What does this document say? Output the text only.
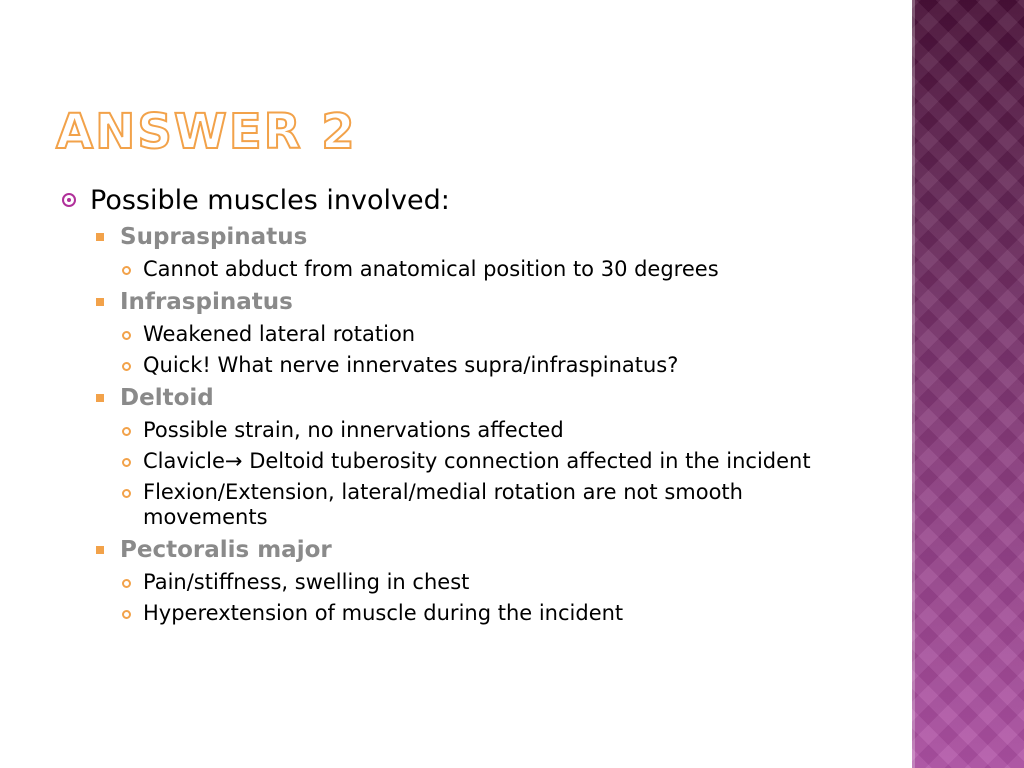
ANSWER 2
Possible muscles involved:
Supraspinatus
Cannot abduct from anatomical position to 30 degrees
Infraspinatus
Weakened lateral rotation
Quick! What nerve innervates supra/infraspinatus?
Deltoid
Possible strain, no innervations affected
Clavicle→ Deltoid tuberosity connection affected in the incident
Flexion/Extension, lateral/medial rotation are not smooth movements
Pectoralis major
Pain/stiffness, swelling in chest
Hyperextension of muscle during the incident
